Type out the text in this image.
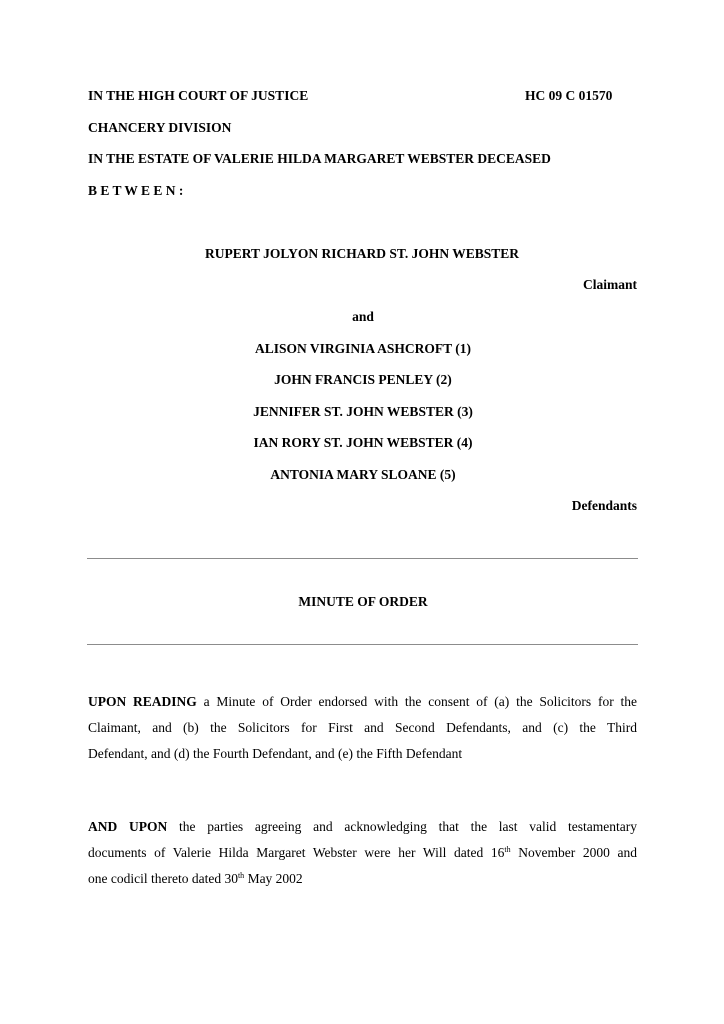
IN THE HIGH COURT OF JUSTICE	HC 09 C 01570
CHANCERY DIVISION
IN THE ESTATE OF VALERIE HILDA MARGARET WEBSTER DECEASED
B E T W E E N :
RUPERT JOLYON RICHARD ST. JOHN WEBSTER
Claimant
and
ALISON VIRGINIA ASHCROFT (1)
JOHN FRANCIS PENLEY (2)
JENNIFER ST. JOHN WEBSTER (3)
IAN RORY ST. JOHN WEBSTER (4)
ANTONIA MARY SLOANE (5)
Defendants
MINUTE OF ORDER
UPON READING a Minute of Order endorsed with the consent of (a) the Solicitors for the
Claimant, and (b) the Solicitors for First and Second Defendants, and (c) the Third
Defendant, and (d) the Fourth Defendant, and (e) the Fifth Defendant
AND UPON the parties agreeing and acknowledging that the last valid testamentary
documents of Valerie Hilda Margaret Webster were her Will dated 16th November 2000 and
one codicil thereto dated 30th May 2002
